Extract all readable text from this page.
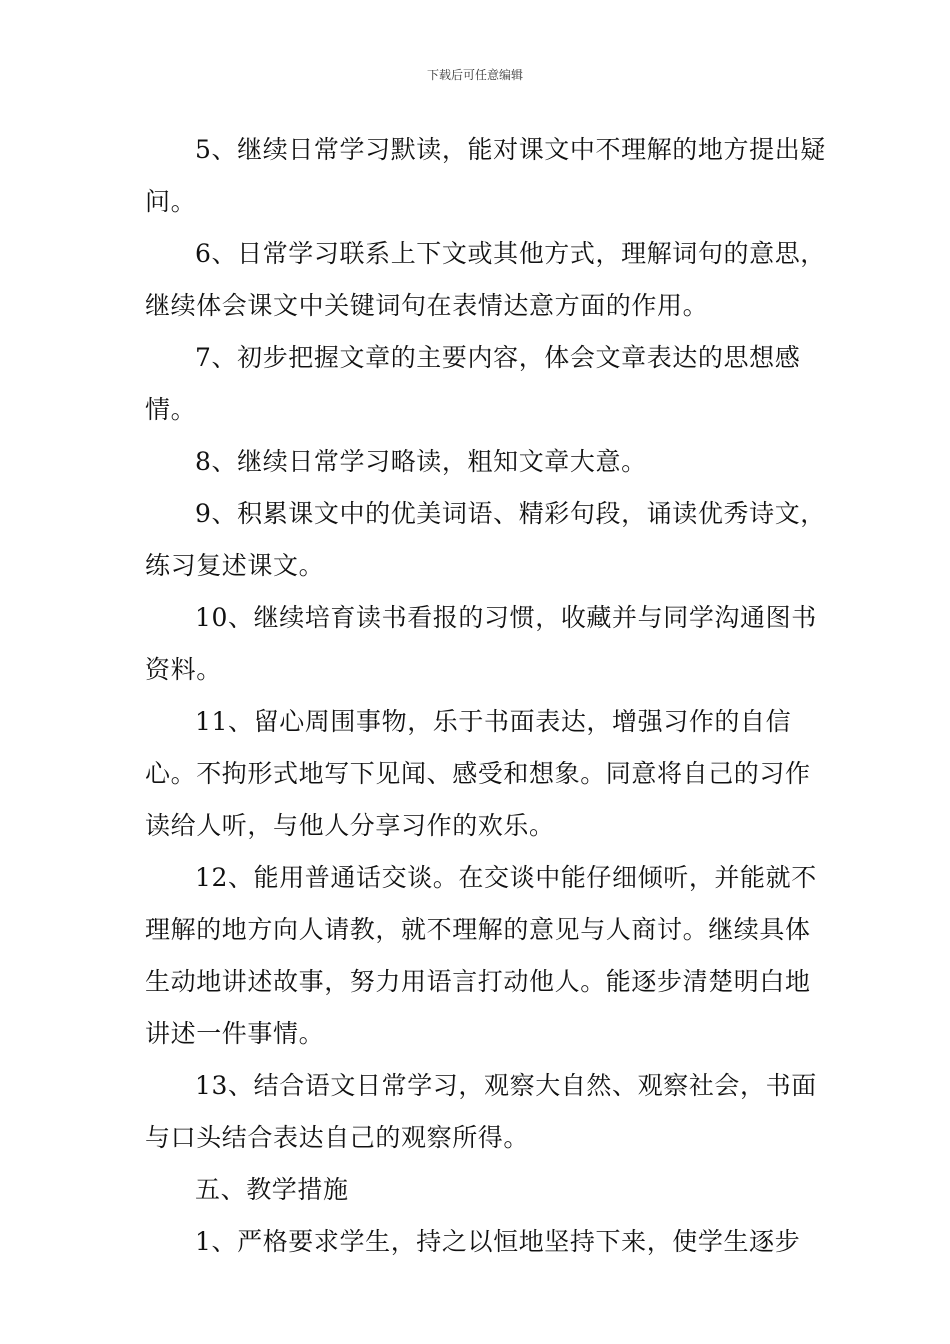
下载后可任意编辑

5、继续日常学习默读，能对课文中不理解的地方提出疑问。

6、日常学习联系上下文或其他方式，理解词句的意思，继续体会课文中关键词句在表情达意方面的作用。

7、初步把握文章的主要内容，体会文章表达的思想感情。

8、继续日常学习略读，粗知文章大意。

9、积累课文中的优美词语、精彩句段，诵读优秀诗文，练习复述课文。

10、继续培育读书看报的习惯，收藏并与同学沟通图书资料。

11、留心周围事物，乐于书面表达，增强习作的自信心。不拘形式地写下见闻、感受和想象。同意将自己的习作读给人听，与他人分享习作的欢乐。

12、能用普通话交谈。在交谈中能仔细倾听，并能就不理解的地方向人请教，就不理解的意见与人商讨。继续具体生动地讲述故事，努力用语言打动他人。能逐步清楚明白地讲述一件事情。

13、结合语文日常学习，观察大自然、观察社会，书面与口头结合表达自己的观察所得。

五、教学措施

1、严格要求学生，持之以恒地坚持下来，使学生逐步
